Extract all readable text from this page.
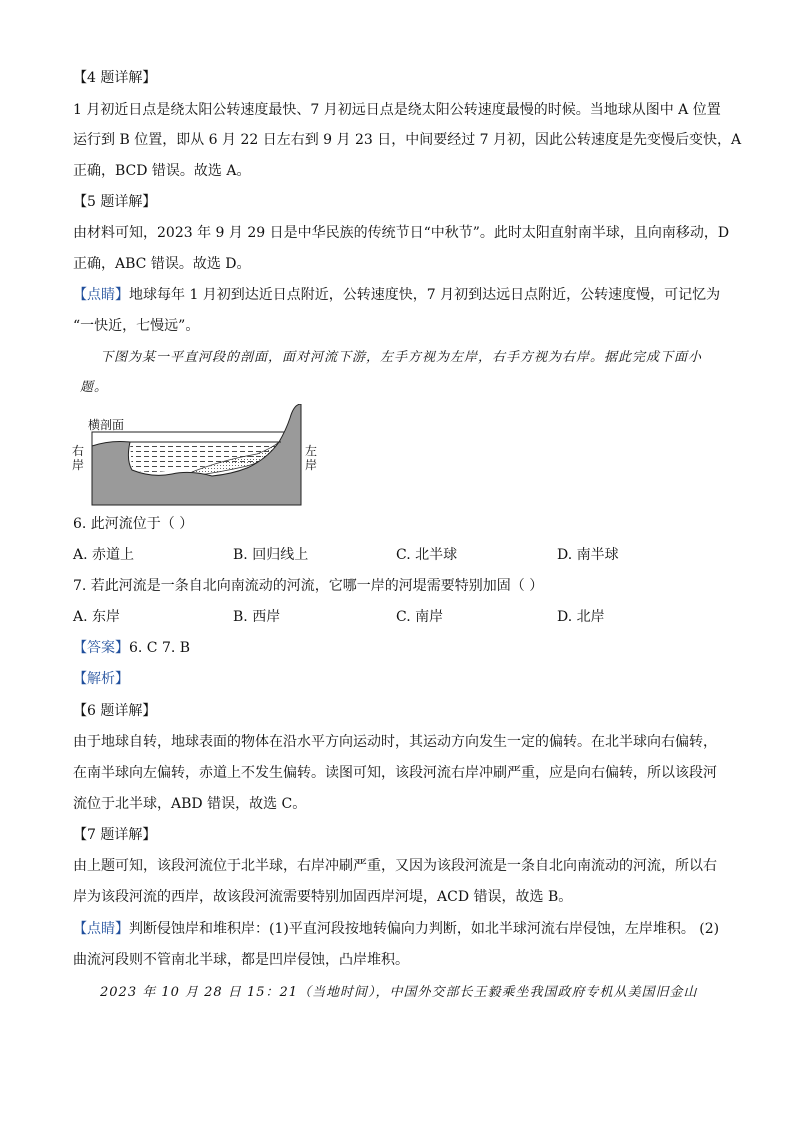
【4 题详解】
1 月初近日点是绕太阳公转速度最快、7 月初远日点是绕太阳公转速度最慢的时候。当地球从图中 A 位置
运行到 B 位置，即从 6 月 22 日左右到 9 月 23 日，中间要经过 7 月初，因此公转速度是先变慢后变快，A
正确，BCD 错误。故选 A。
【5 题详解】
由材料可知，2023 年 9 月 29 日是中华民族的传统节日“中秋节”。此时太阳直射南半球，且向南移动，D
正确，ABC 错误。故选 D。
【点睛】地球每年 1 月初到达近日点附近，公转速度快，7 月初到达远日点附近，公转速度慢，可记忆为
“一快近，七慢远”。
下图为某一平直河段的剖面，面对河流下游，左手方视为左岸，右手方视为右岸。据此完成下面小
题。
横剖面
右岸
左岸
6. 此河流位于（ ）
A. 赤道上	B. 回归线上	C. 北半球	D. 南半球
7. 若此河流是一条自北向南流动的河流，它哪一岸的河堤需要特别加固（ ）
A. 东岸	B. 西岸	C. 南岸	D. 北岸
【答案】6. C 7. B
【解析】
【6 题详解】
由于地球自转，地球表面的物体在沿水平方向运动时，其运动方向发生一定的偏转。在北半球向右偏转，
在南半球向左偏转，赤道上不发生偏转。读图可知，该段河流右岸冲刷严重，应是向右偏转，所以该段河
流位于北半球，ABD 错误，故选 C。
【7 题详解】
由上题可知，该段河流位于北半球，右岸冲刷严重，又因为该段河流是一条自北向南流动的河流，所以右
岸为该段河流的西岸，故该段河流需要特别加固西岸河堤，ACD 错误，故选 B。
【点睛】判断侵蚀岸和堆积岸：(1)平直河段按地转偏向力判断，如北半球河流右岸侵蚀，左岸堆积。 (2)
曲流河段则不管南北半球，都是凹岸侵蚀，凸岸堆积。
2023 年 10 月 28 日 15：21（当地时间），中国外交部长王毅乘坐我国政府专机从美国旧金山
